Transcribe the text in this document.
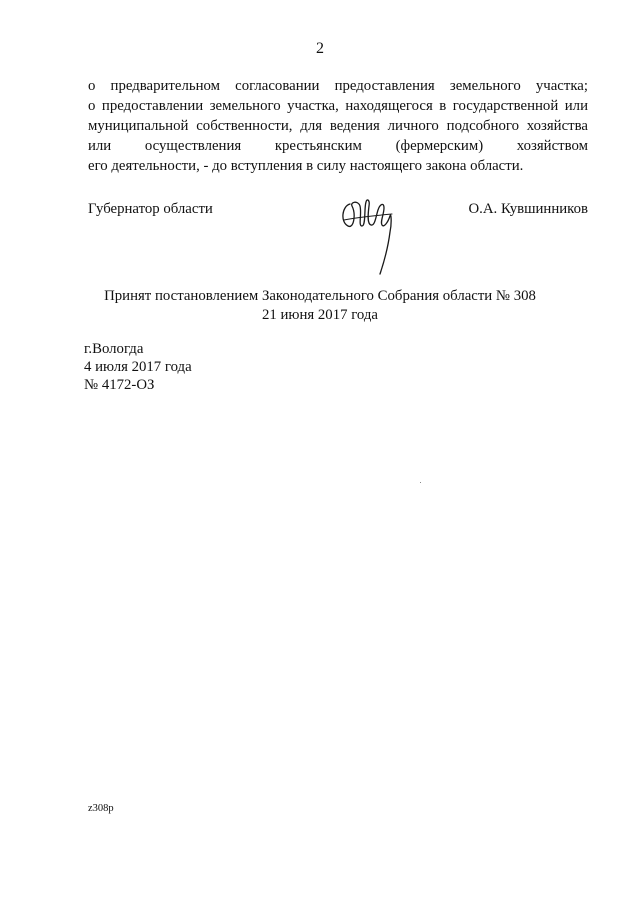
2
о предварительном согласовании предоставления земельного участка;
о предоставлении земельного участка, находящегося в государственной или
муниципальной собственности, для ведения личного подсобного хозяйства
или осуществления крестьянским (фермерским) хозяйством
его деятельности, - до вступления в силу настоящего закона области.
Губернатор области	О.А. Кувшинников
Принят постановлением Законодательного Собрания области № 308
21 июня 2017 года
г.Вологда
4 июля 2017 года
№ 4172-ОЗ
z308p
